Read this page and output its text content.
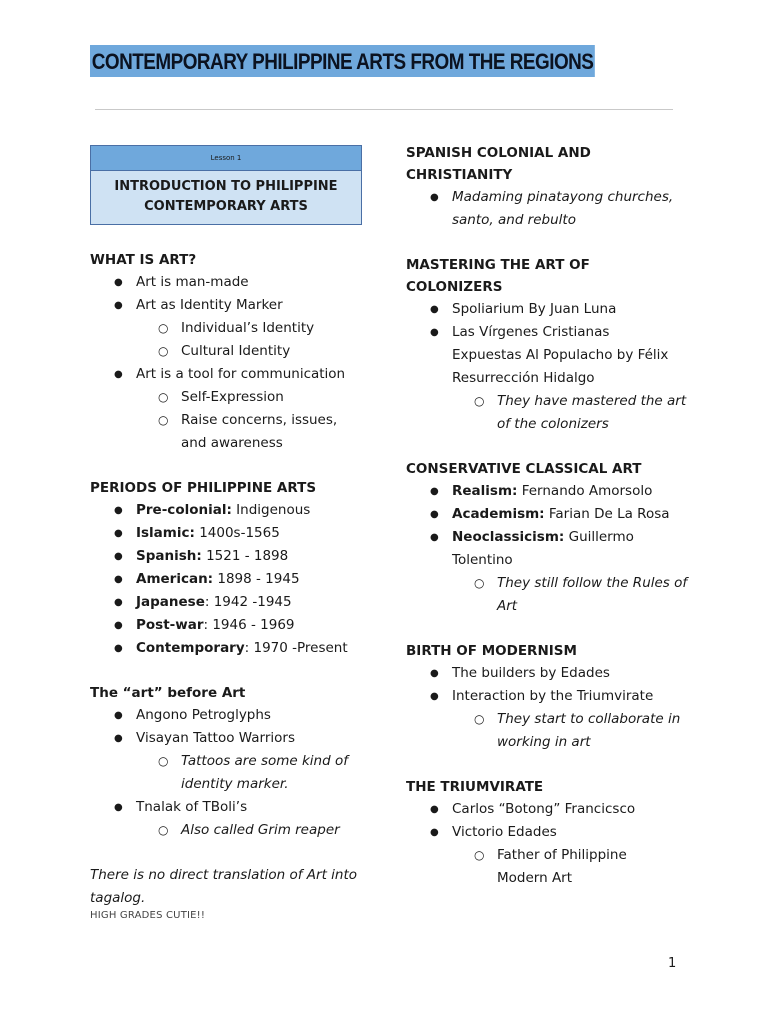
CONTEMPORARY PHILIPPINE ARTS FROM THE REGIONS
Lesson 1
INTRODUCTION TO PHILIPPINE
CONTEMPORARY ARTS
WHAT IS ART?
● Art is man-made
● Art as Identity Marker
○ Individual’s Identity
○ Cultural Identity
● Art is a tool for communication
○ Self-Expression
○ Raise concerns, issues,
and awareness
PERIODS OF PHILIPPINE ARTS
● Pre-colonial: Indigenous
● Islamic: 1400s-1565
● Spanish: 1521 - 1898
● American: 1898 - 1945
● Japanese: 1942 -1945
● Post-war: 1946 - 1969
● Contemporary: 1970 -Present
The “art” before Art
● Angono Petroglyphs
● Visayan Tattoo Warriors
○ Tattoos are some kind of
identity marker.
● Tnalak of TBoli’s
○ Also called Grim reaper
There is no direct translation of Art into
tagalog.
HIGH GRADES CUTIE!!
SPANISH COLONIAL AND
CHRISTIANITY
● Madaming pinatayong churches,
santo, and rebulto
MASTERING THE ART OF
COLONIZERS
● Spoliarium By Juan Luna
● Las Vírgenes Cristianas
Expuestas Al Populacho by Félix
Resurrección Hidalgo
○ They have mastered the art
of the colonizers
CONSERVATIVE CLASSICAL ART
● Realism: Fernando Amorsolo
● Academism: Farian De La Rosa
● Neoclassicism: Guillermo
Tolentino
○ They still follow the Rules of
Art
BIRTH OF MODERNISM
● The builders by Edades
● Interaction by the Triumvirate
○ They start to collaborate in
working in art
THE TRIUMVIRATE
● Carlos “Botong” Francicsco
● Victorio Edades
○ Father of Philippine
Modern Art
1
